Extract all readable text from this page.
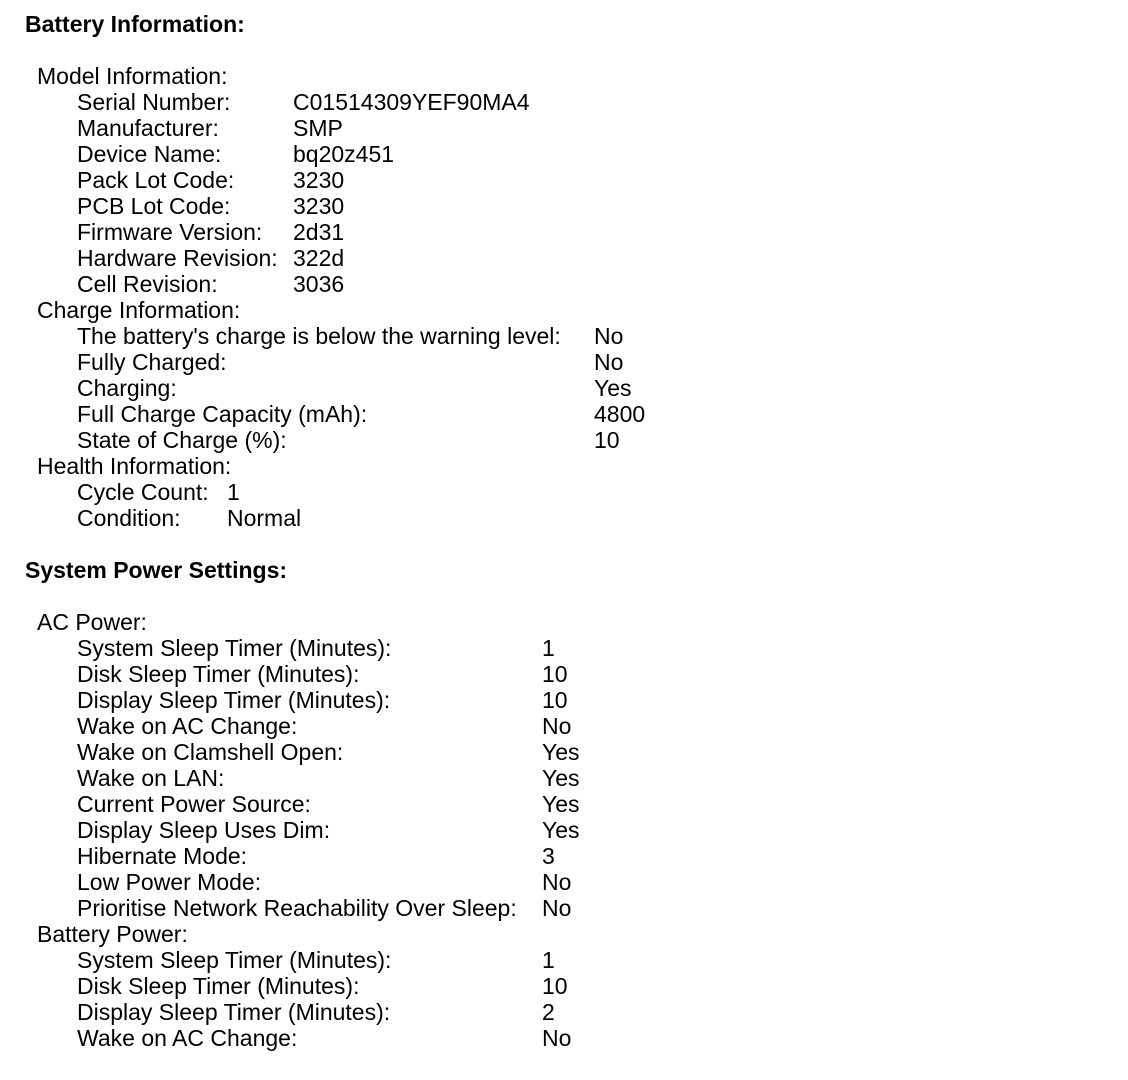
Battery Information:
Model Information:
Serial Number:	C01514309YEF90MA4
Manufacturer:	SMP
Device Name:	bq20z451
Pack Lot Code:	3230
PCB Lot Code:	3230
Firmware Version:	2d31
Hardware Revision: 322d
Cell Revision:	3036
Charge Information:
The battery's charge is below the warning level:	No
Fully Charged:	No
Charging:	Yes
Full Charge Capacity (mAh):	4800
State of Charge (%):	10
Health Information:
Cycle Count: 1
Condition:	Normal
System Power Settings:
AC Power:
System Sleep Timer (Minutes):	1
Disk Sleep Timer (Minutes):	10
Display Sleep Timer (Minutes):	10
Wake on AC Change:	No
Wake on Clamshell Open:	Yes
Wake on LAN:	Yes
Current Power Source:	Yes
Display Sleep Uses Dim:	Yes
Hibernate Mode:	3
Low Power Mode:	No
Prioritise Network Reachability Over Sleep:	No
Battery Power:
System Sleep Timer (Minutes):	1
Disk Sleep Timer (Minutes):	10
Display Sleep Timer (Minutes):	2
Wake on AC Change:	No
